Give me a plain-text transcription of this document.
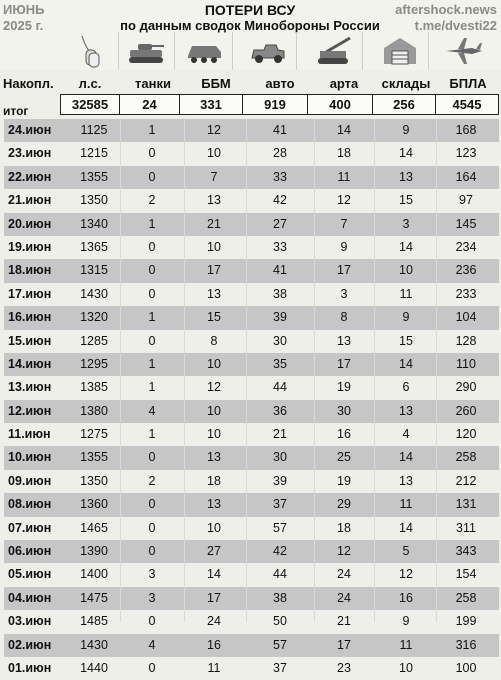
ИЮНЬ
2025 г.
ПОТЕРИ ВСУ
по данным сводок Минобороны России
aftershock.news
t.me/dvesti22
Накопл.	л.с.	танки	ББМ	авто	арта	склады	БПЛА
итог	32585	24	331	919	400	256	4545
24.июн	1125	1	12	41	14	9	168
23.июн	1215	0	10	28	18	14	123
22.июн	1355	0	7	33	11	13	164
21.июн	1350	2	13	42	12	15	97
20.июн	1340	1	21	27	7	3	145
19.июн	1365	0	10	33	9	14	234
18.июн	1315	0	17	41	17	10	236
17.июн	1430	0	13	38	3	11	233
16.июн	1320	1	15	39	8	9	104
15.июн	1285	0	8	30	13	15	128
14.июн	1295	1	10	35	17	14	110
13.июн	1385	1	12	44	19	6	290
12.июн	1380	4	10	36	30	13	260
11.июн	1275	1	10	21	16	4	120
10.июн	1355	0	13	30	25	14	258
09.июн	1350	2	18	39	19	13	212
08.июн	1360	0	13	37	29	11	131
07.июн	1465	0	10	57	18	14	311
06.июн	1390	0	27	42	12	5	343
05.июн	1400	3	14	44	24	12	154
04.июн	1475	3	17	38	24	16	258
03.июн	1485	0	24	50	21	9	199
02.июн	1430	4	16	57	17	11	316
01.июн	1440	0	11	37	23	10	100
